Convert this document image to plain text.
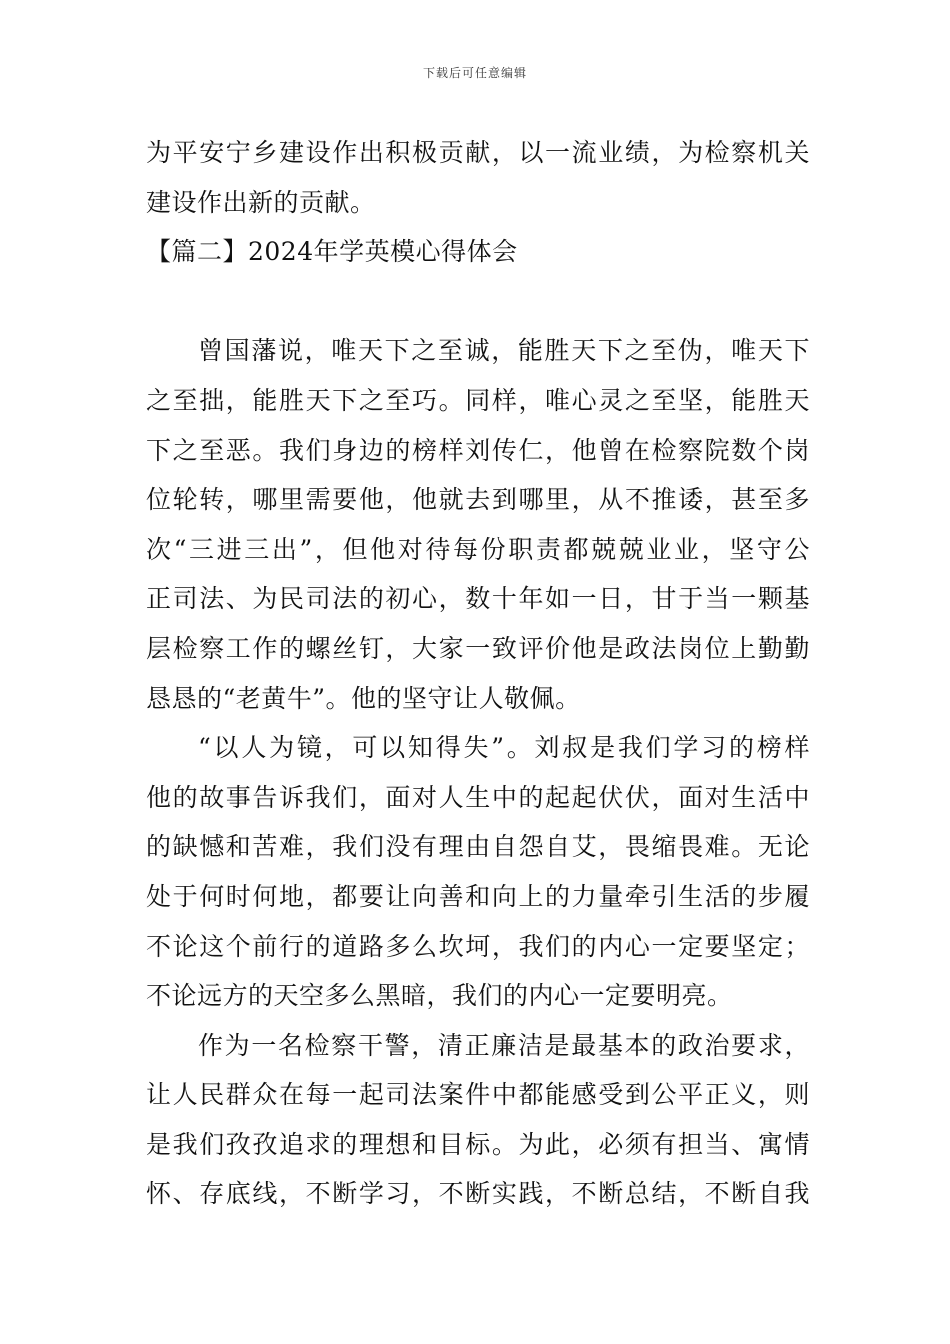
下载后可任意编辑
为平安宁乡建设作出积极贡献，以一流业绩，为检察机关
建设作出新的贡献。
【篇二】2024年学英模心得体会
曾国藩说，唯天下之至诚，能胜天下之至伪，唯天下
之至拙，能胜天下之至巧。同样，唯心灵之至坚，能胜天
下之至恶。我们身边的榜样刘传仁，他曾在检察院数个岗
位轮转，哪里需要他，他就去到哪里，从不推诿，甚至多
次“三进三出”，但他对待每份职责都兢兢业业，坚守公
正司法、为民司法的初心，数十年如一日，甘于当一颗基
层检察工作的螺丝钉，大家一致评价他是政法岗位上勤勤
恳恳的“老黄牛”。他的坚守让人敬佩。
“以人为镜，可以知得失”。刘叔是我们学习的榜样
他的故事告诉我们，面对人生中的起起伏伏，面对生活中
的缺憾和苦难，我们没有理由自怨自艾，畏缩畏难。无论
处于何时何地，都要让向善和向上的力量牵引生活的步履
不论这个前行的道路多么坎坷，我们的内心一定要坚定；
不论远方的天空多么黑暗，我们的内心一定要明亮。
作为一名检察干警，清正廉洁是最基本的政治要求，
让人民群众在每一起司法案件中都能感受到公平正义，则
是我们孜孜追求的理想和目标。为此，必须有担当、寓情
怀、存底线，不断学习，不断实践，不断总结，不断自我
